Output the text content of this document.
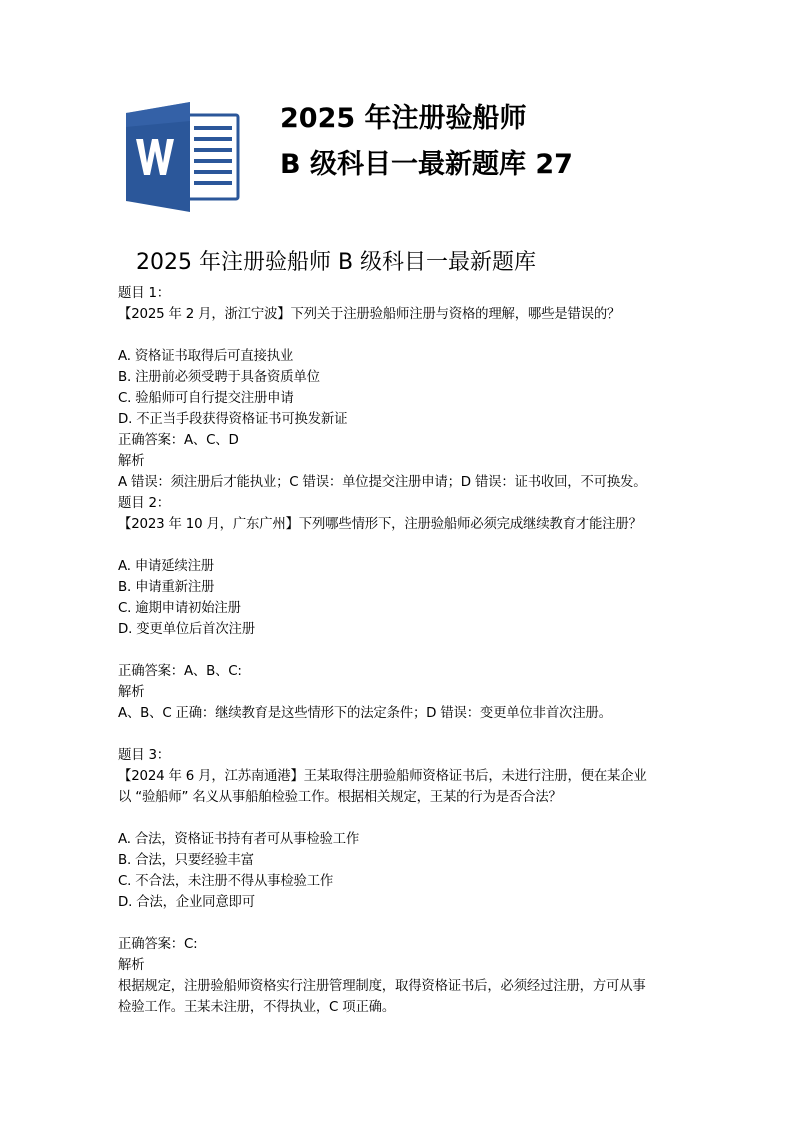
2025 年注册验船师
B 级科目一最新题库 27
2025 年注册验船师 B 级科目一最新题库
题目 1：
【2025 年 2 月，浙江宁波】下列关于注册验船师注册与资格的理解，哪些是错误的？
A. 资格证书取得后可直接执业
B. 注册前必须受聘于具备资质单位
C. 验船师可自行提交注册申请
D. 不正当手段获得资格证书可换发新证
正确答案：A、C、D
解析
A 错误：须注册后才能执业；C 错误：单位提交注册申请；D 错误：证书收回，不可换发。
题目 2：
【2023 年 10 月，广东广州】下列哪些情形下，注册验船师必须完成继续教育才能注册？
A. 申请延续注册
B. 申请重新注册
C. 逾期申请初始注册
D. 变更单位后首次注册
正确答案：A、B、C:
解析
A、B、C 正确：继续教育是这些情形下的法定条件；D 错误：变更单位非首次注册。
题目 3：
【2024 年 6 月，江苏南通港】王某取得注册验船师资格证书后，未进行注册，便在某企业
以 “验船师” 名义从事船舶检验工作。根据相关规定，王某的行为是否合法？
A. 合法，资格证书持有者可从事检验工作
B. 合法，只要经验丰富
C. 不合法，未注册不得从事检验工作
D. 合法，企业同意即可
正确答案：C:
解析
根据规定，注册验船师资格实行注册管理制度，取得资格证书后，必须经过注册，方可从事
检验工作。王某未注册，不得执业，C 项正确。
